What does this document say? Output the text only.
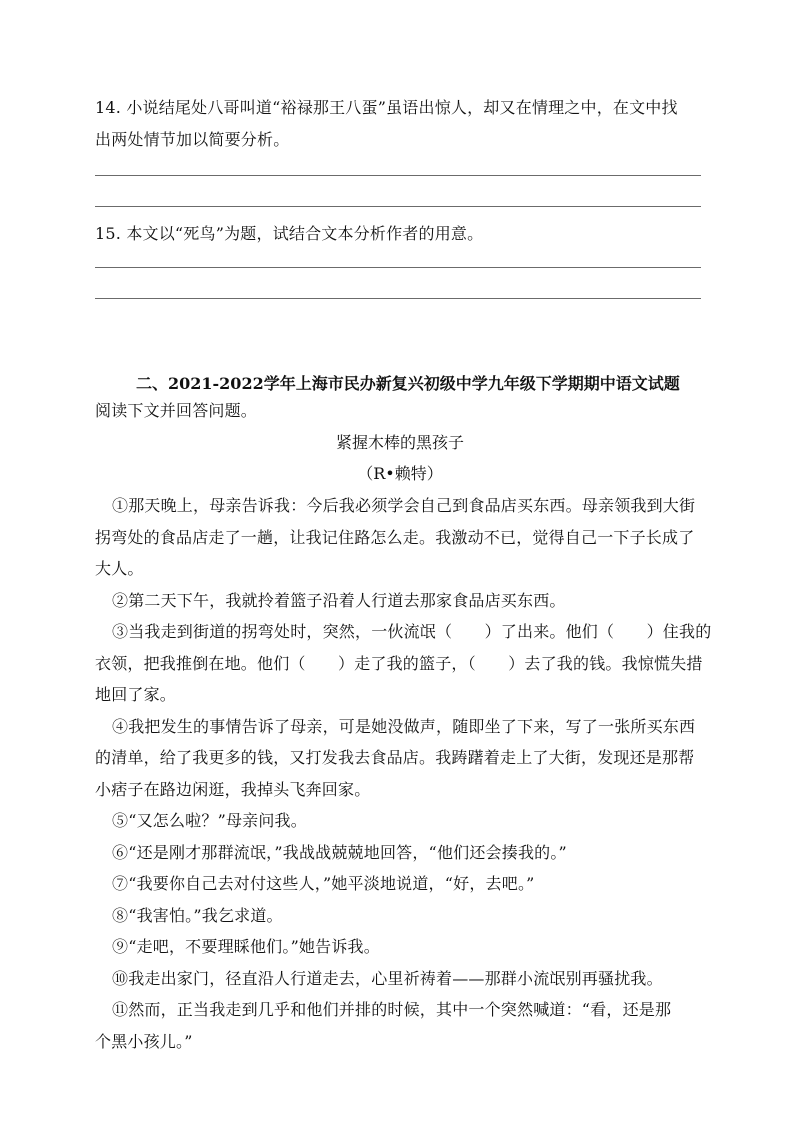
14. 小说结尾处八哥叫道“裕禄那王八蛋”虽语出惊人，却又在情理之中，在文中找
出两处情节加以简要分析。
15. 本文以“死鸟”为题，试结合文本分析作者的用意。
二、2021-2022学年上海市民办新复兴初级中学九年级下学期期中语文试题
阅读下文并回答问题。
紧握木棒的黑孩子
（R•赖特）
①那天晚上，母亲告诉我：今后我必须学会自己到食品店买东西。母亲领我到大街
拐弯处的食品店走了一趟，让我记住路怎么走。我激动不已，觉得自己一下子长成了
大人。
②第二天下午，我就拎着篮子沿着人行道去那家食品店买东西。
③当我走到街道的拐弯处时，突然，一伙流氓（　　）了出来。他们（　　）住我的
衣领，把我推倒在地。他们（　　）走了我的篮子，（　　）去了我的钱。我惊慌失措
地回了家。
④我把发生的事情告诉了母亲，可是她没做声，随即坐了下来，写了一张所买东西
的清单，给了我更多的钱，又打发我去食品店。我踌躇着走上了大街，发现还是那帮
小痞子在路边闲逛，我掉头飞奔回家。
⑤“又怎么啦？”母亲问我。
⑥“还是刚才那群流氓，”我战战兢兢地回答，“他们还会揍我的。”
⑦“我要你自己去对付这些人，”她平淡地说道，“好，去吧。”
⑧“我害怕。”我乞求道。
⑨“走吧，不要理睬他们。”她告诉我。
⑩我走出家门，径直沿人行道走去，心里祈祷着——那群小流氓别再骚扰我。
⑪然而，正当我走到几乎和他们并排的时候，其中一个突然喊道：“看，还是那
个黑小孩儿。”
